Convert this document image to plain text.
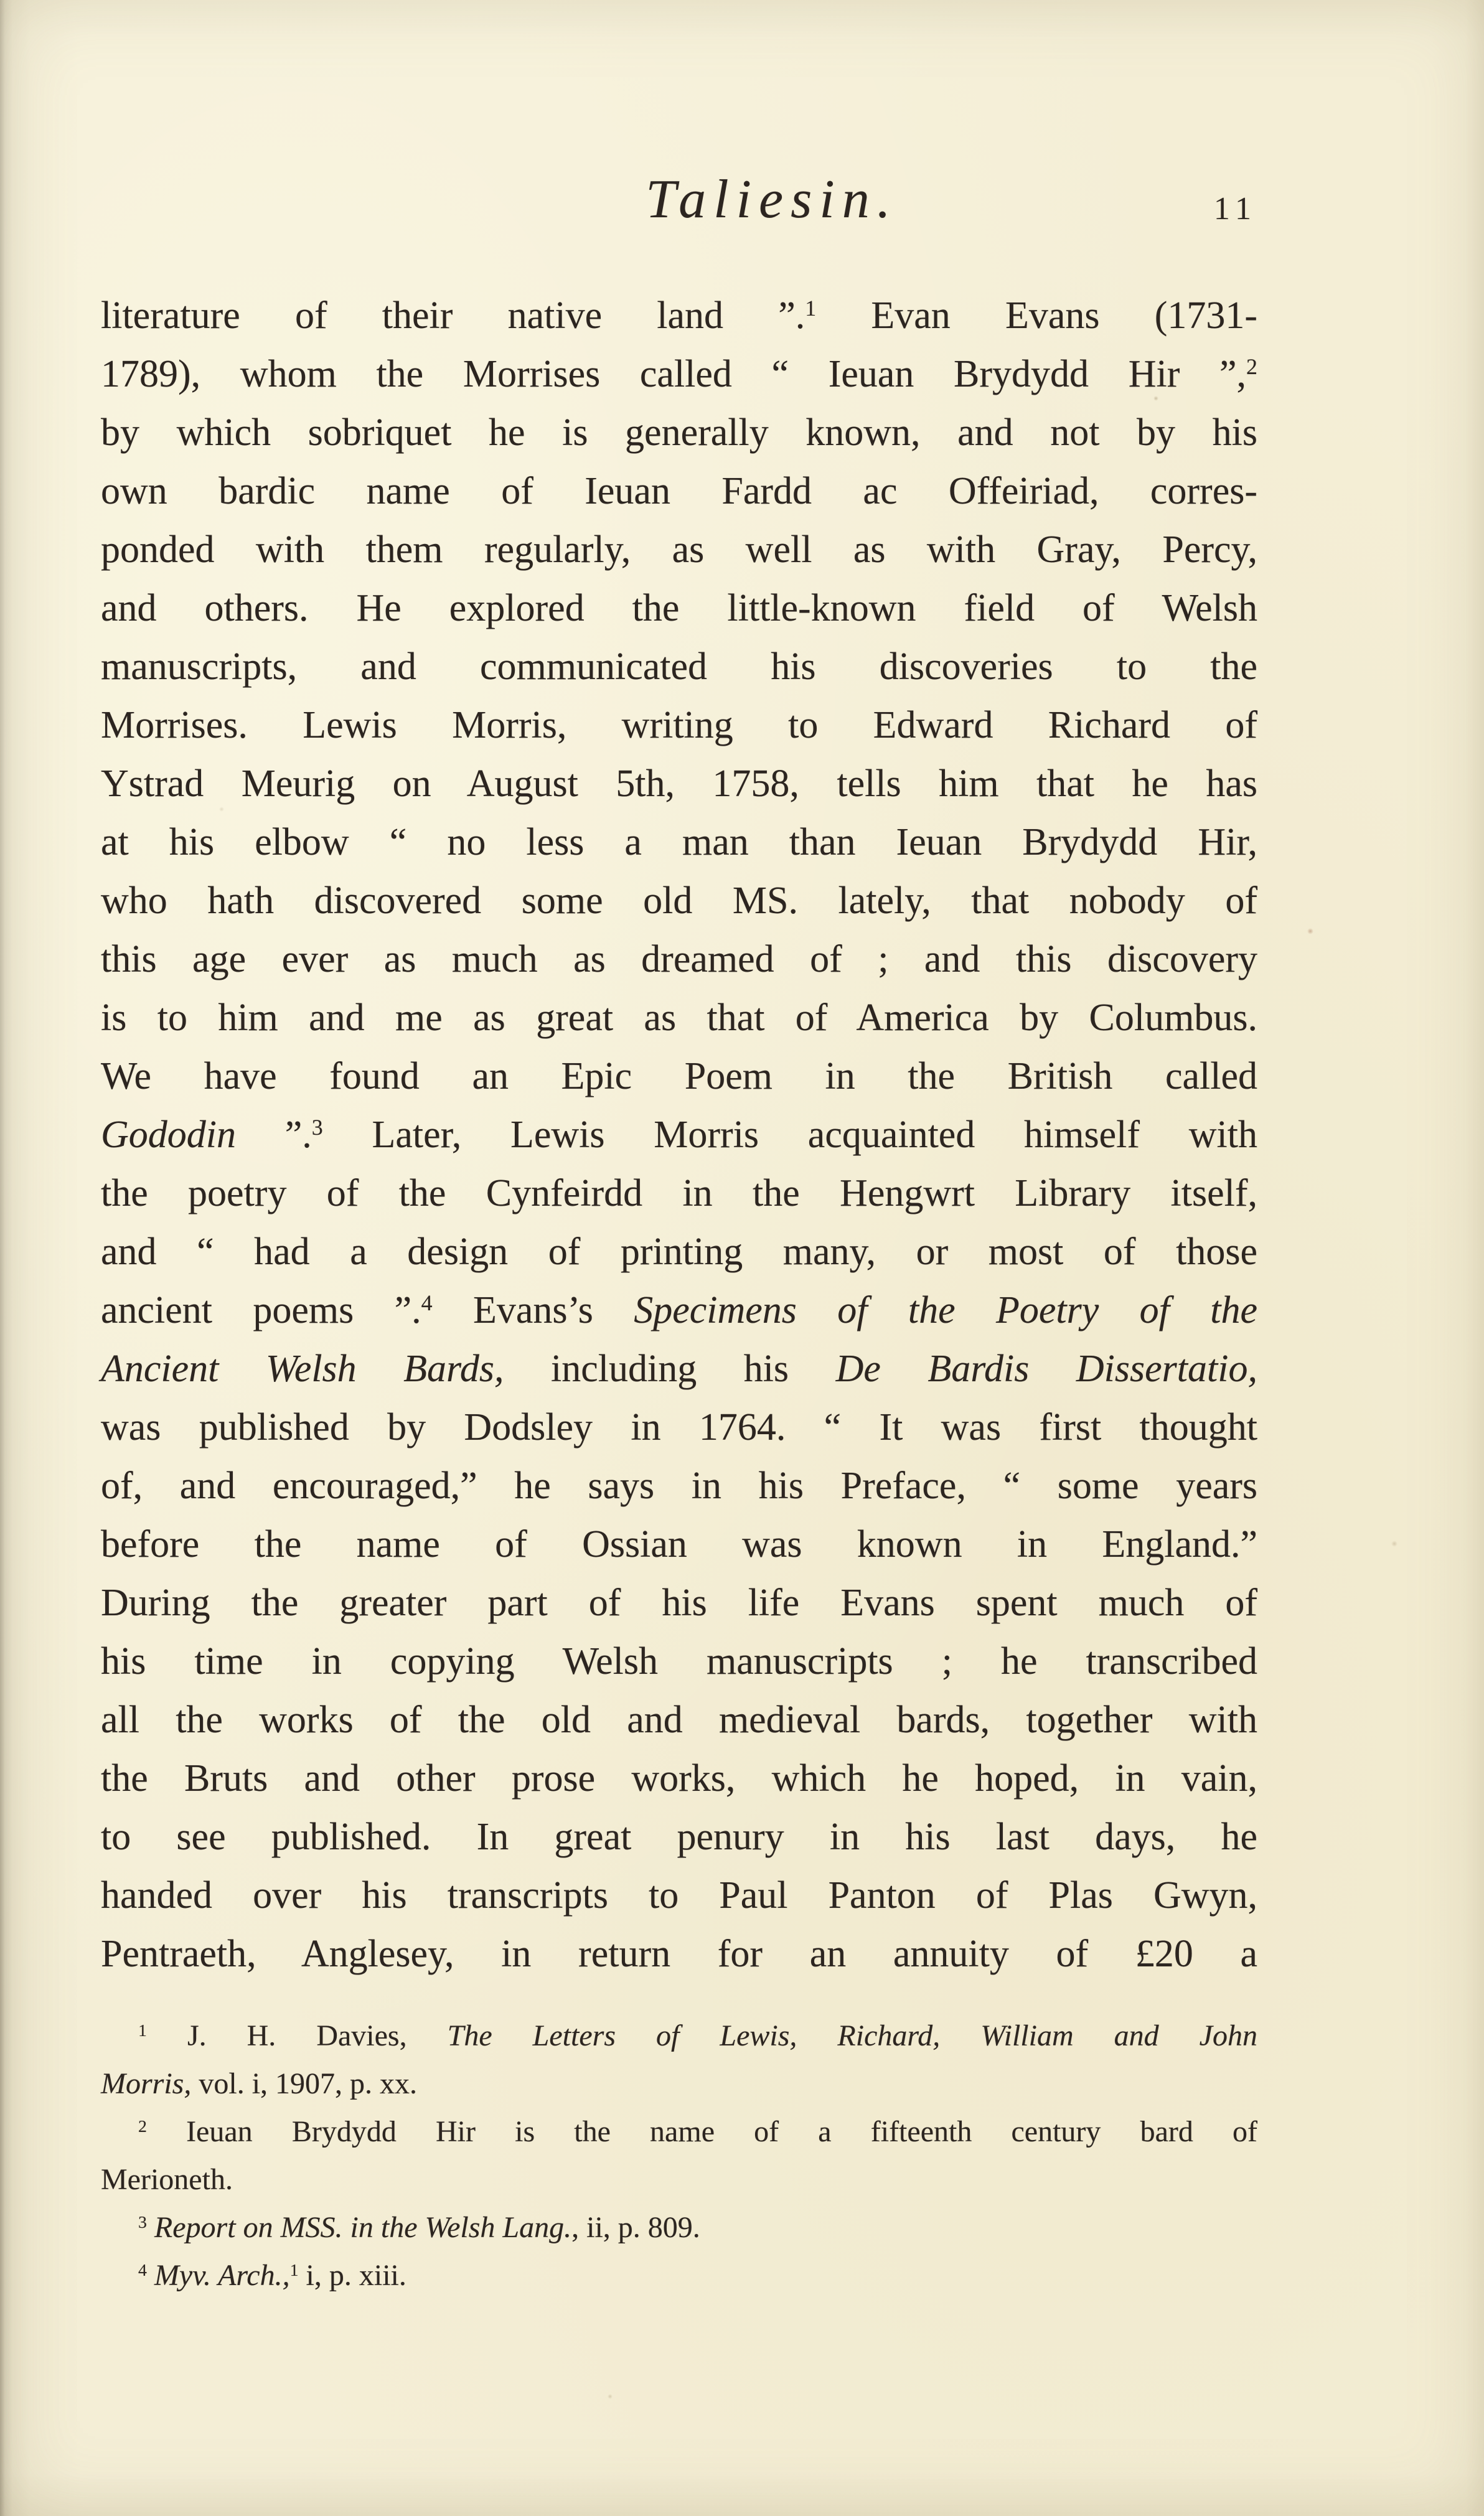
Taliesin.	11
literature of their native land ”.$^1$ Evan Evans (1731-
1789), whom the Morrises called “ Ieuan Brydydd Hir ”,$^2$
by which sobriquet he is generally known, and not by his
own bardic name of Ieuan Fardd ac Offeiriad, corres-
ponded with them regularly, as well as with Gray, Percy,
and others. He explored the little-known field of Welsh
manuscripts, and communicated his discoveries to the
Morrises. Lewis Morris, writing to Edward Richard of
Ystrad Meurig on August 5th, 1758, tells him that he has
at his elbow “ no less a man than Ieuan Brydydd Hir,
who hath discovered some old MS. lately, that nobody of
this age ever as much as dreamed of ; and this discovery
is to him and me as great as that of America by Columbus.
We have found an Epic Poem in the British called
Gododin ”.$^3$ Later, Lewis Morris acquainted himself with
the poetry of the Cynfeirdd in the Hengwrt Library itself,
and “ had a design of printing many, or most of those
ancient poems ”.$^4$ Evans’s Specimens of the Poetry of the
Ancient Welsh Bards, including his De Bardis Dissertatio,
was published by Dodsley in 1764. “ It was first thought
of, and encouraged,” he says in his Preface, “ some years
before the name of Ossian was known in England.”
During the greater part of his life Evans spent much of
his time in copying Welsh manuscripts ; he transcribed
all the works of the old and medieval bards, together with
the Bruts and other prose works, which he hoped, in vain,
to see published. In great penury in his last days, he
handed over his transcripts to Paul Panton of Plas Gwyn,
Pentraeth, Anglesey, in return for an annuity of £20 a
$^1$ J. H. Davies, The Letters of Lewis, Richard, William and John
Morris, vol. i, 1907, p. xx.
$^2$ Ieuan Brydydd Hir is the name of a fifteenth century bard of
Merioneth.
$^3$ Report on MSS. in the Welsh Lang., ii, p. 809.
$^4$ Myv. Arch.,$^1$ i, p. xiii.
